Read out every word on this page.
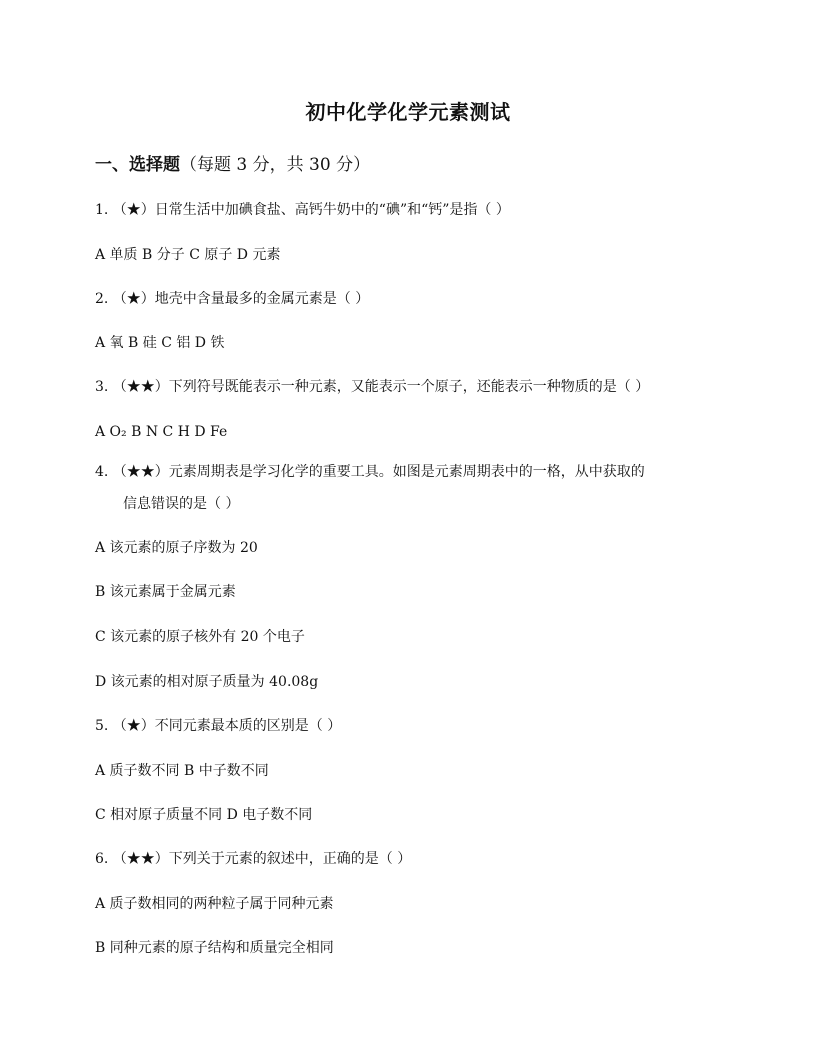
初中化学化学元素测试
一、选择题（每题 3 分，共 30 分）
1. （★）日常生活中加碘食盐、高钙牛奶中的“碘”和“钙”是指（ ）
A 单质 B 分子 C 原子 D 元素
2. （★）地壳中含量最多的金属元素是（ ）
A 氧 B 硅 C 铝 D 铁
3. （★★）下列符号既能表示一种元素，又能表示一个原子，还能表示一种物质的是（ ）
A O₂ B N C H D Fe
4. （★★）元素周期表是学习化学的重要工具。如图是元素周期表中的一格，从中获取的
信息错误的是（ ）
A 该元素的原子序数为 20
B 该元素属于金属元素
C 该元素的原子核外有 20 个电子
D 该元素的相对原子质量为 40.08g
5. （★）不同元素最本质的区别是（ ）
A 质子数不同 B 中子数不同
C 相对原子质量不同 D 电子数不同
6. （★★）下列关于元素的叙述中，正确的是（ ）
A 质子数相同的两种粒子属于同种元素
B 同种元素的原子结构和质量完全相同
